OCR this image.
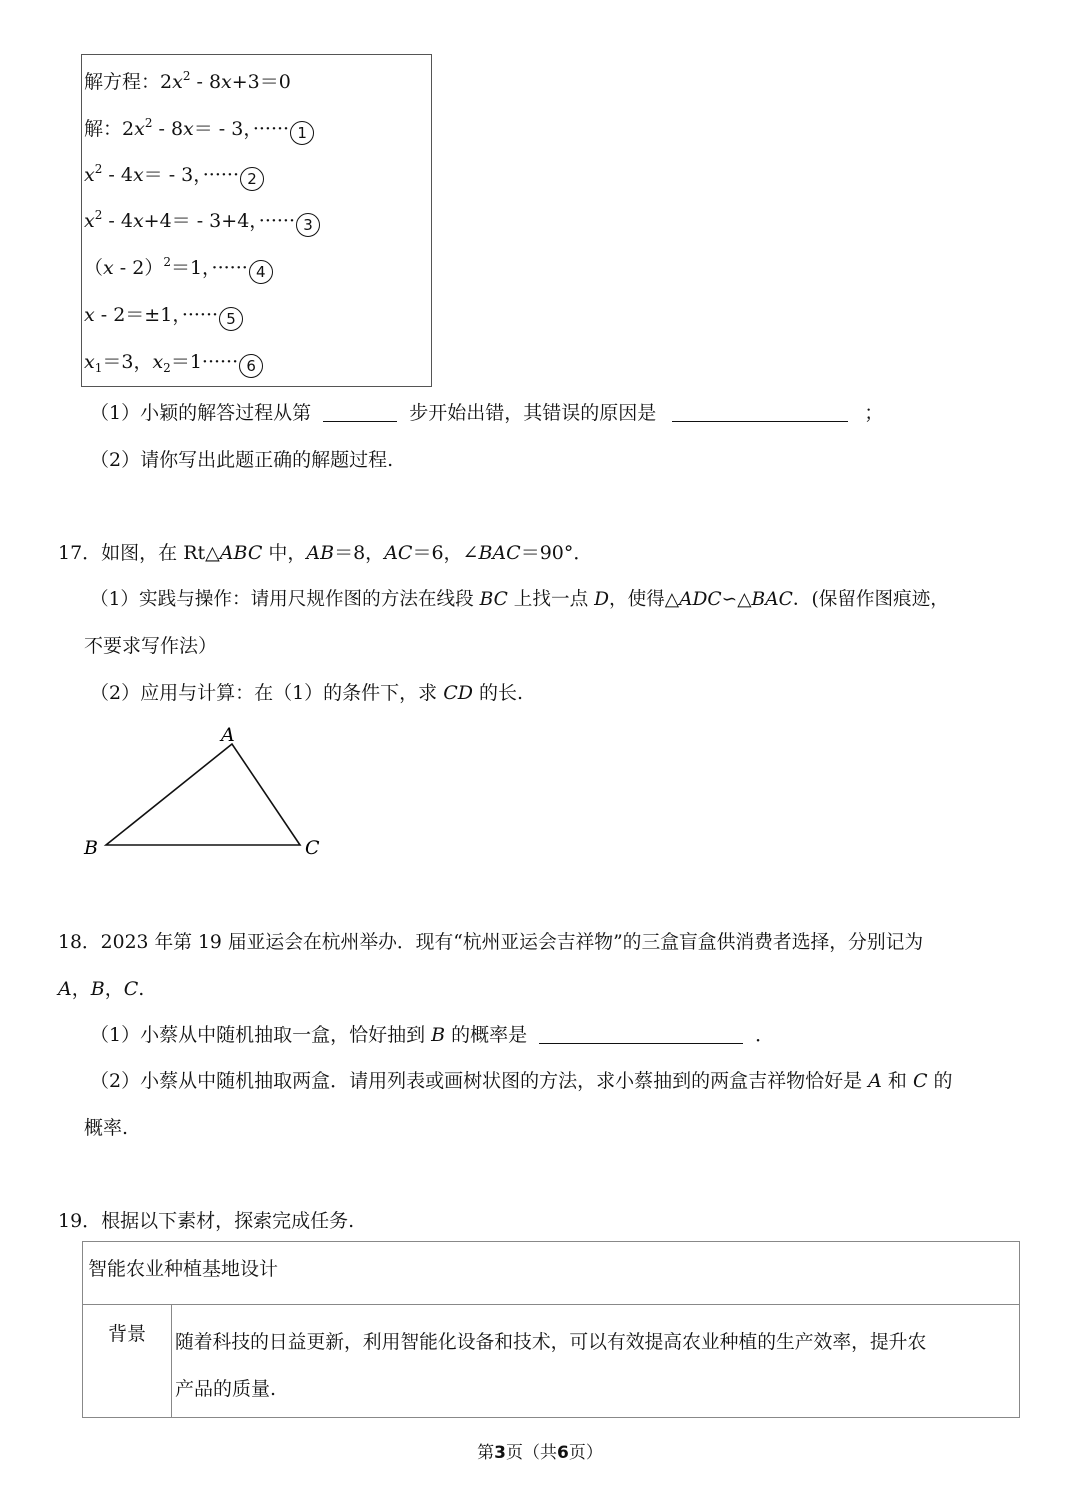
解方程：$2x^2 - 8x+3=0$
解：$2x^2 - 8x= - 3$，······ 1
$x^2 - 4x= - 3$，······ 2
$x^2 - 4x+4= - 3+4$，······ 3
（x - 2）$^2$＝1，······ 4
x - 2＝±1，······ 5
$x_1=3$，$x_2=1\cdot\cdot\cdot\cdot\cdot\cdot 6$
（1）小颖的解答过程从第	步开始出错，其错误的原因是	；
（2）请你写出此题正确的解题过程.
17．如图，在 Rt△ABC 中，AB＝8，AC＝6，∠BAC＝90°．
（1）实践与操作：请用尺规作图的方法在线段 BC 上找一点 D，使得△ADC∽△BAC．(保留作图痕迹，
不要求写作法）
（2）应用与计算：在（1）的条件下，求 CD 的长.
A
B	C
18．2023 年第 19 届亚运会在杭州举办．现有“杭州亚运会吉祥物”的三盒盲盒供消费者选择，分别记为
A，B，C.
（1）小蔡从中随机抽取一盒，恰好抽到 B 的概率是	．
（2）小蔡从中随机抽取两盒．请用列表或画树状图的方法，求小蔡抽到的两盒吉祥物恰好是 A 和 C 的
概率.
19．根据以下素材，探索完成任务.
智能农业种植基地设计
背景	随着科技的日益更新，利用智能化设备和技术，可以有效提高农业种植的生产效率，提升农
产品的质量.
第3页（共6页）
